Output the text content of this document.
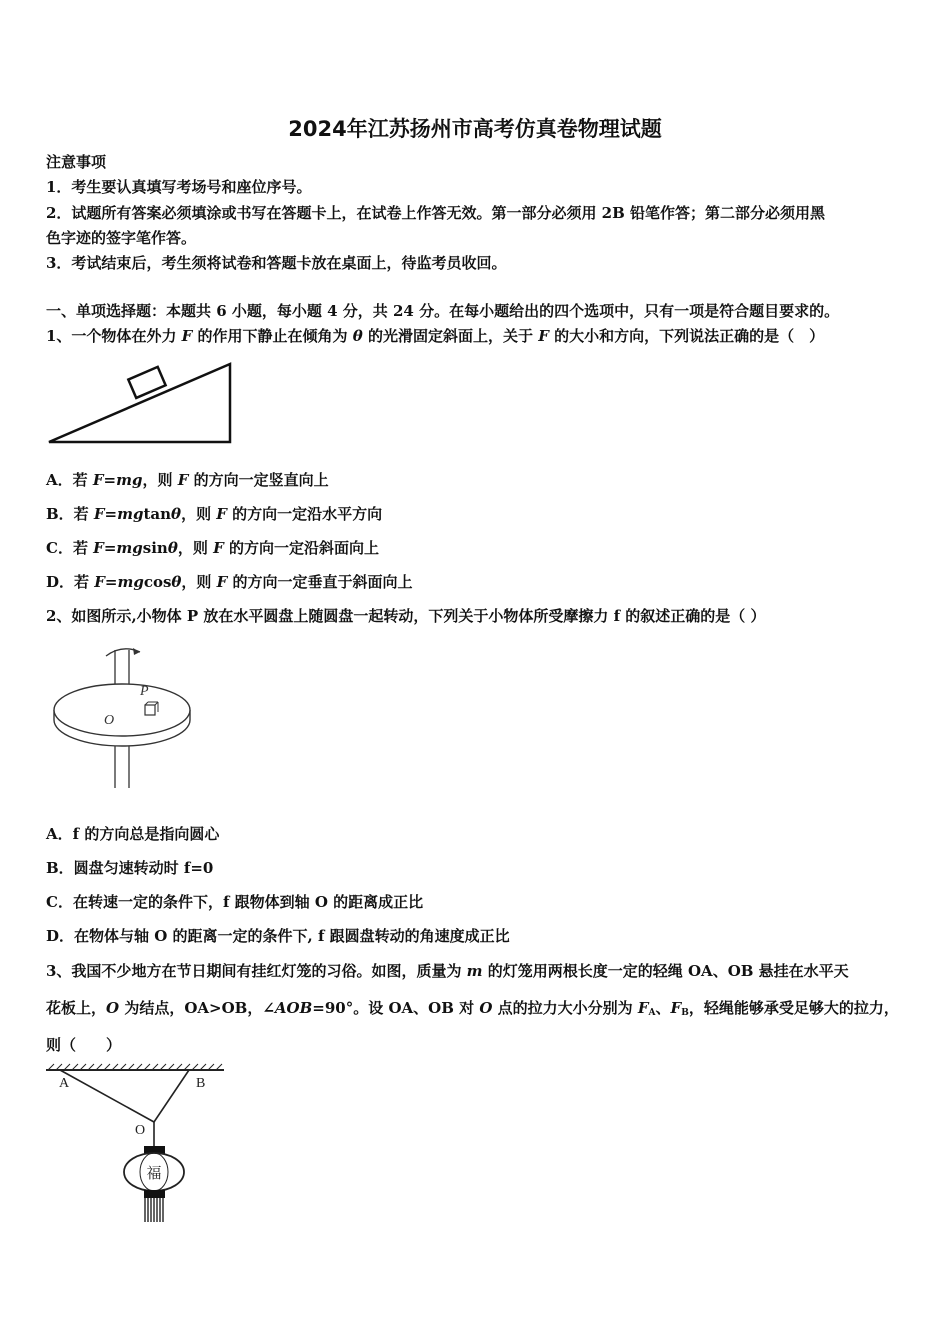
2024年江苏扬州市高考仿真卷物理试题
注意事项
1．考生要认真填写考场号和座位序号。
2．试题所有答案必须填涂或书写在答题卡上，在试卷上作答无效。第一部分必须用 2B 铅笔作答；第二部分必须用黑
色字迹的签字笔作答。
3．考试结束后，考生须将试卷和答题卡放在桌面上，待监考员收回。
一、单项选择题：本题共 6 小题，每小题 4 分，共 24 分。在每小题给出的四个选项中，只有一项是符合题目要求的。
1、一个物体在外力 F 的作用下静止在倾角为 θ 的光滑固定斜面上，关于 F 的大小和方向，下列说法正确的是（　）
A．若 F=mg，则 F 的方向一定竖直向上
B．若 F=mgtanθ，则 F 的方向一定沿水平方向
C．若 F=mgsinθ，则 F 的方向一定沿斜面向上
D．若 F=mgcosθ，则 F 的方向一定垂直于斜面向上
2、如图所示,小物体 P 放在水平圆盘上随圆盘一起转动，下列关于小物体所受摩擦力 f 的叙述正确的是（ ）
P
O
A．f 的方向总是指向圆心
B．圆盘匀速转动时 f=0
C．在转速一定的条件下，f 跟物体到轴 O 的距离成正比
D．在物体与轴 O 的距离一定的条件下, f 跟圆盘转动的角速度成正比
3、我国不少地方在节日期间有挂红灯笼的习俗。如图，质量为 m 的灯笼用两根长度一定的轻绳 OA、OB 悬挂在水平天
花板上，O 为结点，OA>OB，∠AOB=90°。设 OA、OB 对 O 点的拉力大小分别为 $F_A$、$F_B$，轻绳能够承受足够大的拉力，
则（　　）
A	B
O
福
